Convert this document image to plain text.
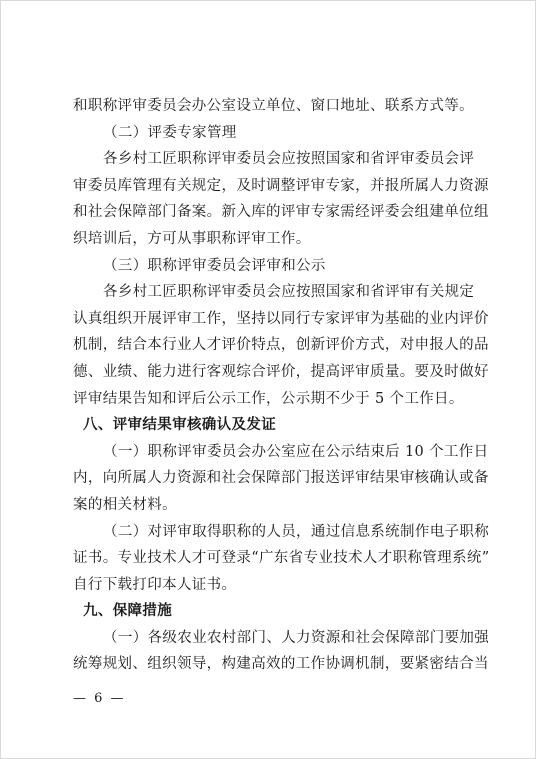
和职称评审委员会办公室设立单位、窗口地址、联系方式等。
（二）评委专家管理
各乡村工匠职称评审委员会应按照国家和省评审委员会评
审委员库管理有关规定，及时调整评审专家，并报所属人力资源
和社会保障部门备案。新入库的评审专家需经评委会组建单位组
织培训后，方可从事职称评审工作。
（三）职称评审委员会评审和公示
各乡村工匠职称评审委员会应按照国家和省评审有关规定
认真组织开展评审工作，坚持以同行专家评审为基础的业内评价
机制，结合本行业人才评价特点，创新评价方式，对申报人的品
德、业绩、能力进行客观综合评价，提高评审质量。要及时做好
评审结果告知和评后公示工作，公示期不少于 5 个工作日。
八、评审结果审核确认及发证
（一）职称评审委员会办公室应在公示结束后 10 个工作日
内，向所属人力资源和社会保障部门报送评审结果审核确认或备
案的相关材料。
（二）对评审取得职称的人员，通过信息系统制作电子职称
证书。专业技术人才可登录“广东省专业技术人才职称管理系统”
自行下载打印本人证书。
九、保障措施
（一）各级农业农村部门、人力资源和社会保障部门要加强
统筹规划、组织领导，构建高效的工作协调机制，要紧密结合当
— 6 —
